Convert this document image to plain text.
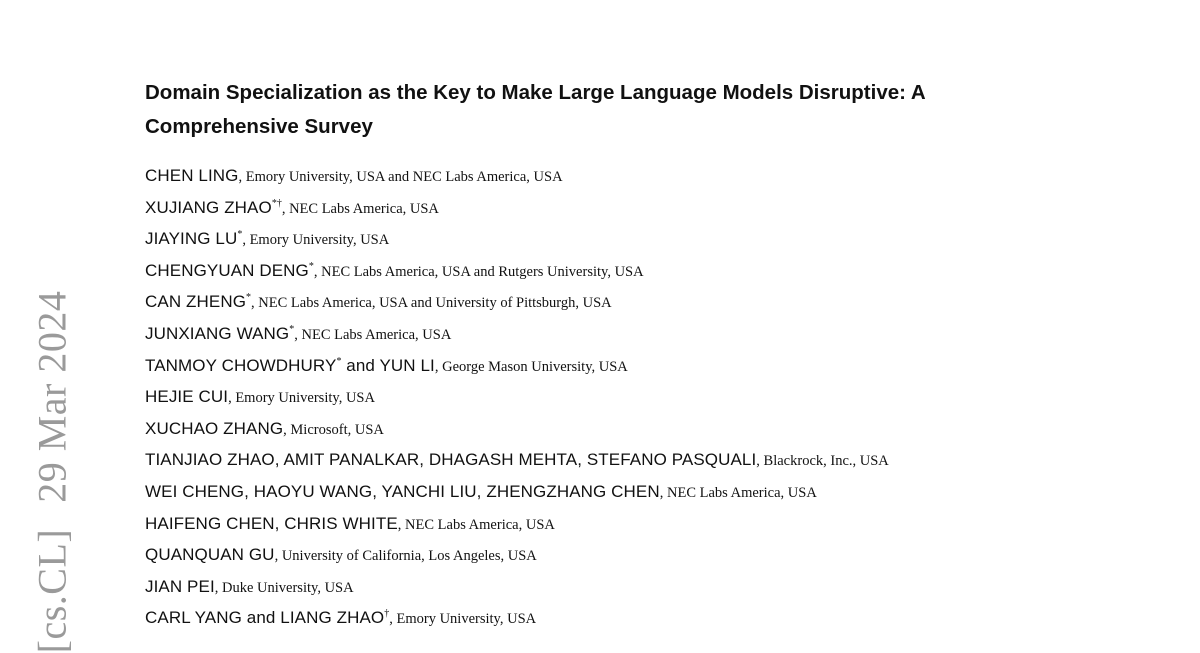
[cs.CL]29 Mar 2024
Domain Specialization as the Key to Make Large Language Models Disruptive: A Comprehensive Survey
CHEN LING, Emory University, USA and NEC Labs America, USA
XUJIANG ZHAO*†, NEC Labs America, USA
JIAYING LU*, Emory University, USA
CHENGYUAN DENG*, NEC Labs America, USA and Rutgers University, USA
CAN ZHENG*, NEC Labs America, USA and University of Pittsburgh, USA
JUNXIANG WANG*, NEC Labs America, USA
TANMOY CHOWDHURY* and YUN LI, George Mason University, USA
HEJIE CUI, Emory University, USA
XUCHAO ZHANG, Microsoft, USA
TIANJIAO ZHAO, AMIT PANALKAR, DHAGASH MEHTA, STEFANO PASQUALI, Blackrock, Inc., USA
WEI CHENG, HAOYU WANG, YANCHI LIU, ZHENGZHANG CHEN, NEC Labs America, USA
HAIFENG CHEN, CHRIS WHITE, NEC Labs America, USA
QUANQUAN GU, University of California, Los Angeles, USA
JIAN PEI, Duke University, USA
CARL YANG and LIANG ZHAO†, Emory University, USA
